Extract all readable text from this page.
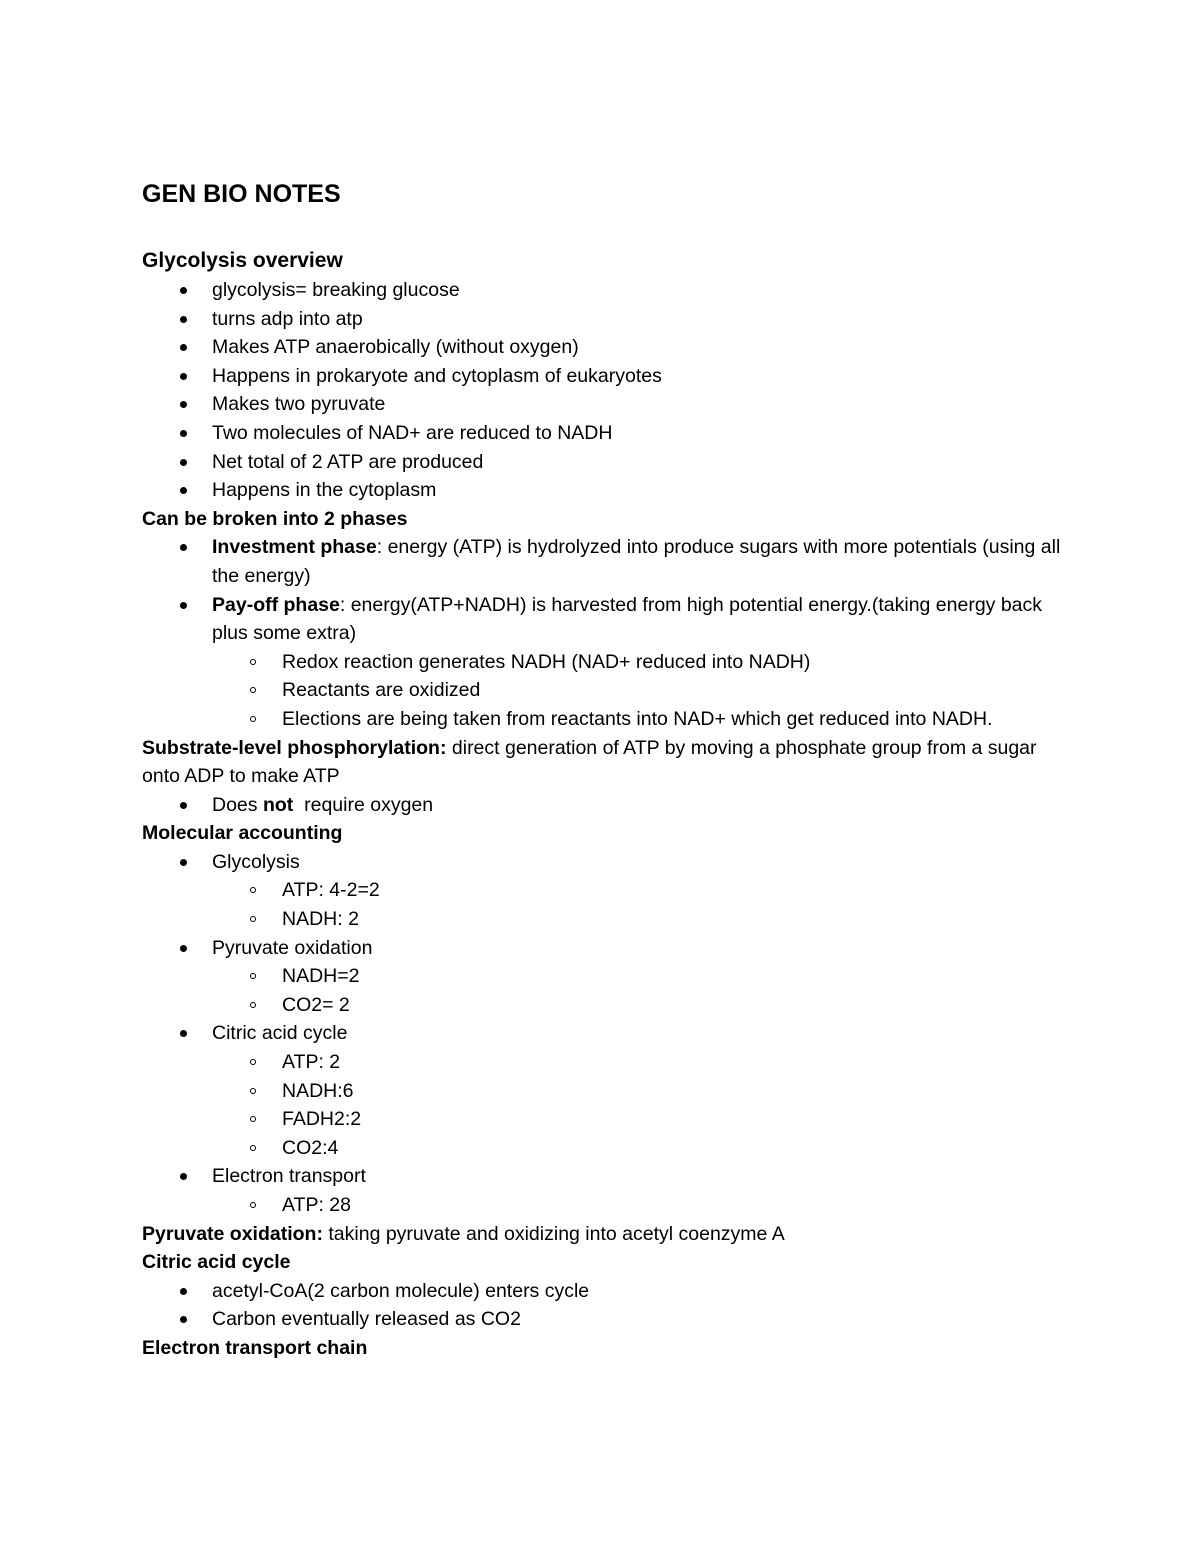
GEN BIO NOTES
Glycolysis overview
glycolysis= breaking glucose
turns adp into atp
Makes ATP anaerobically (without oxygen)
Happens in prokaryote and cytoplasm of eukaryotes
Makes two pyruvate
Two molecules of NAD+ are reduced to NADH
Net total of 2 ATP are produced
Happens in the cytoplasm
Can be broken into 2 phases
Investment phase: energy (ATP) is hydrolyzed into produce sugars with more potentials (using all the energy)
Pay-off phase: energy(ATP+NADH) is harvested from high potential energy.(taking energy back plus some extra)
Redox reaction generates NADH (NAD+ reduced into NADH)
Reactants are oxidized
Elections are being taken from reactants into NAD+ which get reduced into NADH.
Substrate-level phosphorylation: direct generation of ATP by moving a phosphate group from a sugar onto ADP to make ATP
Does not  require oxygen
Molecular accounting
Glycolysis
ATP: 4-2=2
NADH: 2
Pyruvate oxidation
NADH=2
CO2= 2
Citric acid cycle
ATP: 2
NADH:6
FADH2:2
CO2:4
Electron transport
ATP: 28
Pyruvate oxidation: taking pyruvate and oxidizing into acetyl coenzyme A
Citric acid cycle
acetyl-CoA(2 carbon molecule) enters cycle
Carbon eventually released as CO2
Electron transport chain
